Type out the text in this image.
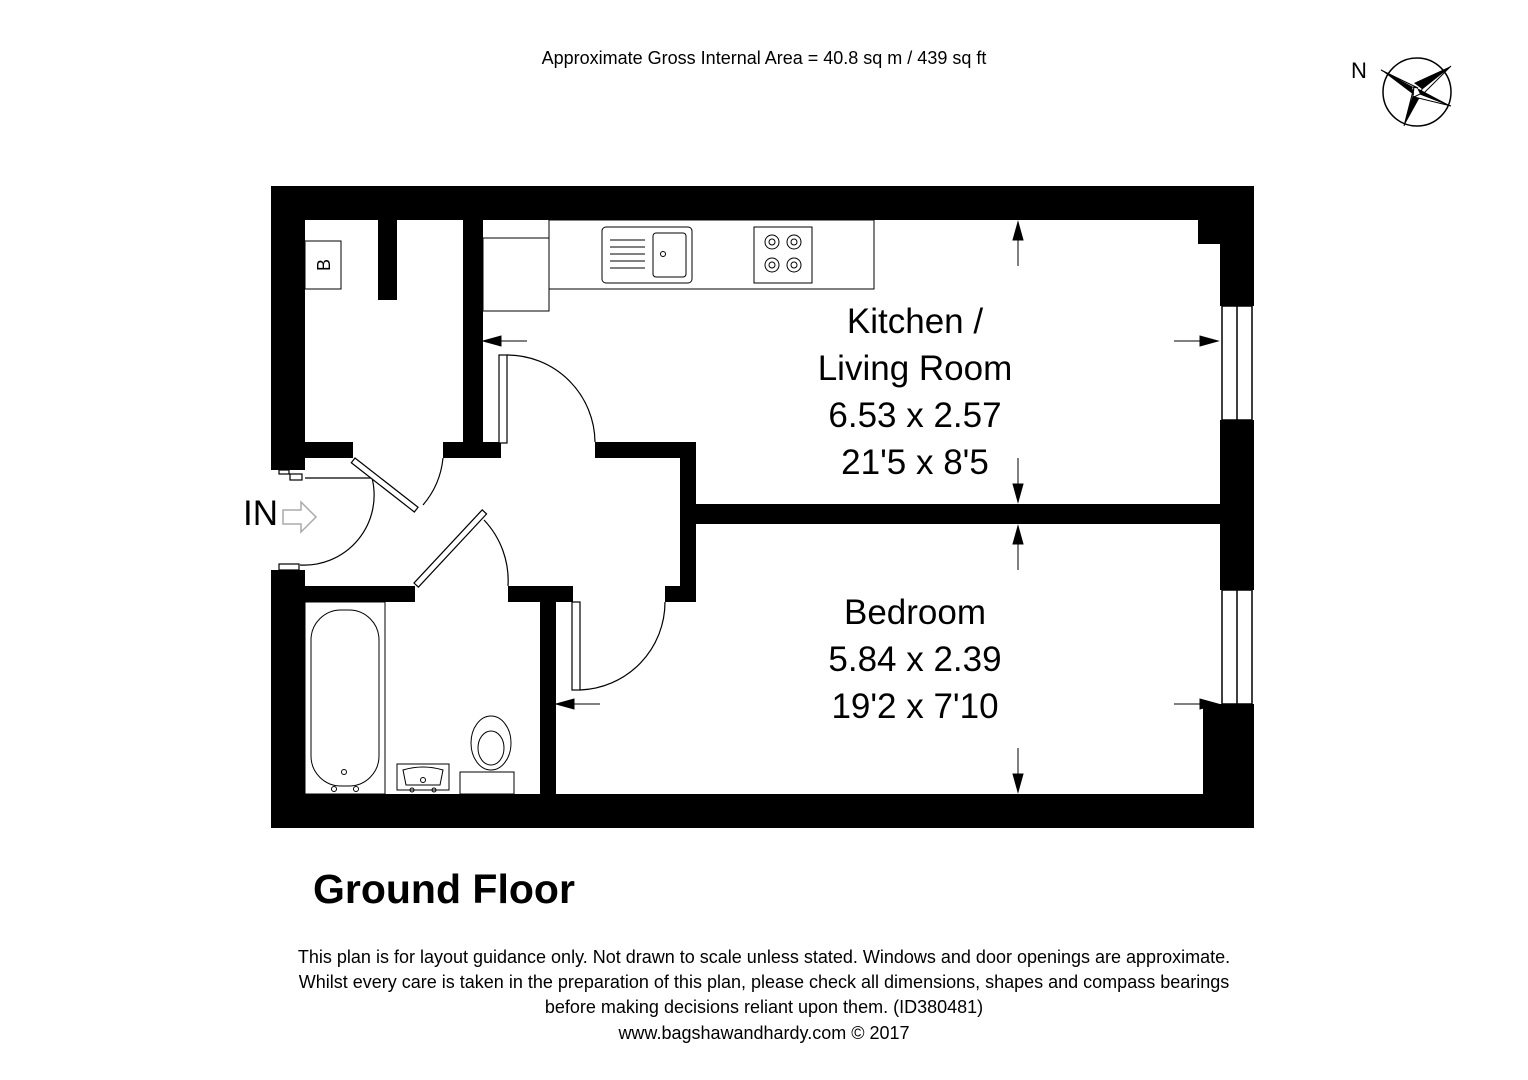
Approximate Gross Internal Area = 40.8 sq m / 439 sq ft	N
B
Kitchen /
Living Room
6.53 x 2.57
21'5 x 8'5
Bedroom
5.84 x 2.39
19'2 x 7'10
IN
Ground Floor
This plan is for layout guidance only. Not drawn to scale unless stated. Windows and door openings are approximate.
Whilst every care is taken in the preparation of this plan, please check all dimensions, shapes and compass bearings
before making decisions reliant upon them. (ID380481)
www.bagshawandhardy.com © 2017
